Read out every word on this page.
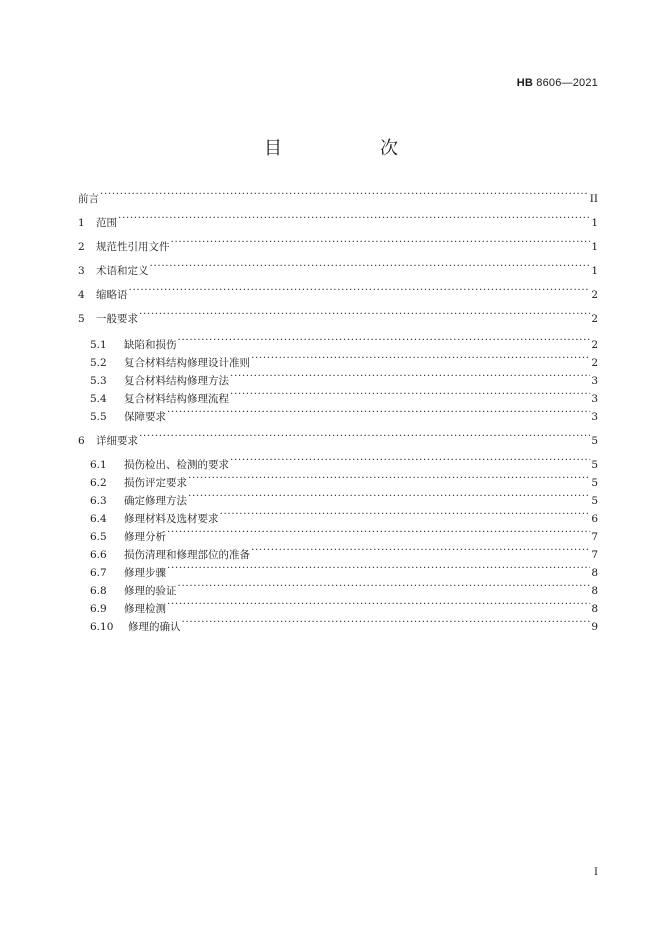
HB 8606—2021
目　次
前言 ·····	II
1	范围 ·····	1
2	规范性引用文件 ·····	1
3	术语和定义 ·····	1
4	缩略语 ·····	2
5	一般要求 ·····	2
5.1	缺陷和损伤 ·····	2
5.2	复合材料结构修理设计准则 ·····	2
5.3	复合材料结构修理方法 ·····	3
5.4	复合材料结构修理流程 ·····	3
5.5	保障要求 ·····	3
6	详细要求 ·····	5
6.1	损伤检出、检测的要求 ·····	5
6.2	损伤评定要求 ·····	5
6.3	确定修理方法 ·····	5
6.4	修理材料及选材要求 ·····	6
6.5	修理分析 ·····	7
6.6	损伤清理和修理部位的准备 ·····	7
6.7	修理步骤 ·····	8
6.8	修理的验证 ·····	8
6.9	修理检测 ·····	8
6.10	修理的确认 ·····	9
I
